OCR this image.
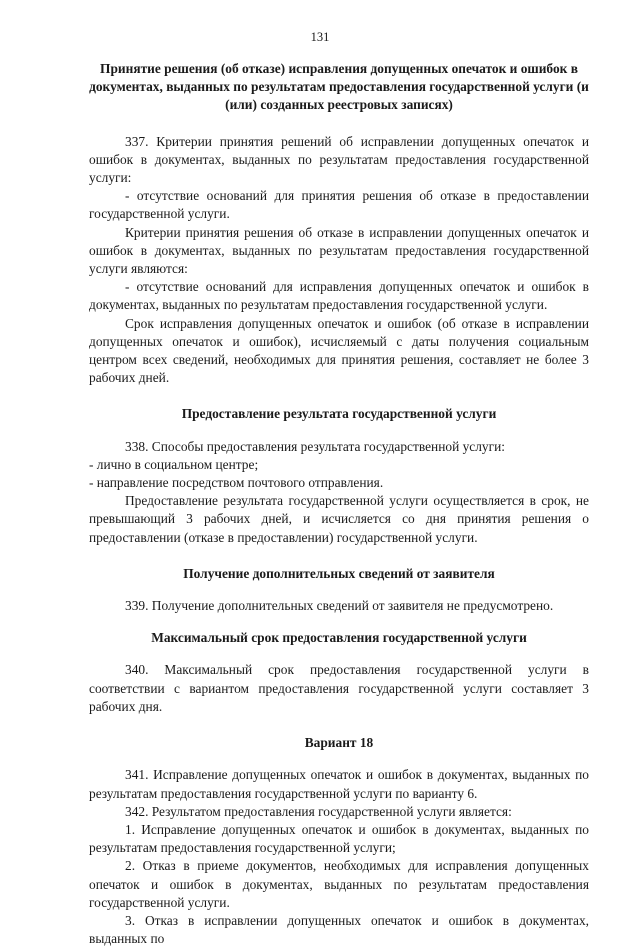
131
Принятие решения (об отказе) исправления допущенных опечаток и ошибок в документах, выданных по результатам предоставления государственной услуги (и (или) созданных реестровых записях)

337. Критерии принятия решений об исправлении допущенных опечаток и ошибок в документах, выданных по результатам предоставления государственной услуги:

- отсутствие оснований для принятия решения об отказе в предоставлении государственной услуги.

Критерии принятия решения об отказе в исправлении допущенных опечаток и ошибок в документах, выданных по результатам предоставления государственной услуги являются:

- отсутствие оснований для исправления допущенных опечаток и ошибок в документах, выданных по результатам предоставления государственной услуги.

Срок исправления допущенных опечаток и ошибок (об отказе в исправлении допущенных опечаток и ошибок), исчисляемый с даты получения социальным центром всех сведений, необходимых для принятия решения, составляет не более 3 рабочих дней.

Предоставление результата государственной услуги

338. Способы предоставления результата государственной услуги:

- лично в социальном центре;

- направление посредством почтового отправления.

Предоставление результата государственной услуги осуществляется в срок, не превышающий 3 рабочих дней, и исчисляется со дня принятия решения о предоставлении (отказе в предоставлении) государственной услуги.

Получение дополнительных сведений от заявителя

339. Получение дополнительных сведений от заявителя не предусмотрено.

Максимальный срок предоставления государственной услуги

340. Максимальный срок предоставления государственной услуги в соответствии с вариантом предоставления государственной услуги составляет 3 рабочих дня.

Вариант 18

341. Исправление допущенных опечаток и ошибок в документах, выданных по результатам предоставления государственной услуги по варианту 6.

342. Результатом предоставления государственной услуги является:

1. Исправление допущенных опечаток и ошибок в документах, выданных по результатам предоставления государственной услуги;

2. Отказ в приеме документов, необходимых для исправления допущенных опечаток и ошибок в документах, выданных по результатам предоставления государственной услуги.

3. Отказ в исправлении допущенных опечаток и ошибок в документах, выданных по
